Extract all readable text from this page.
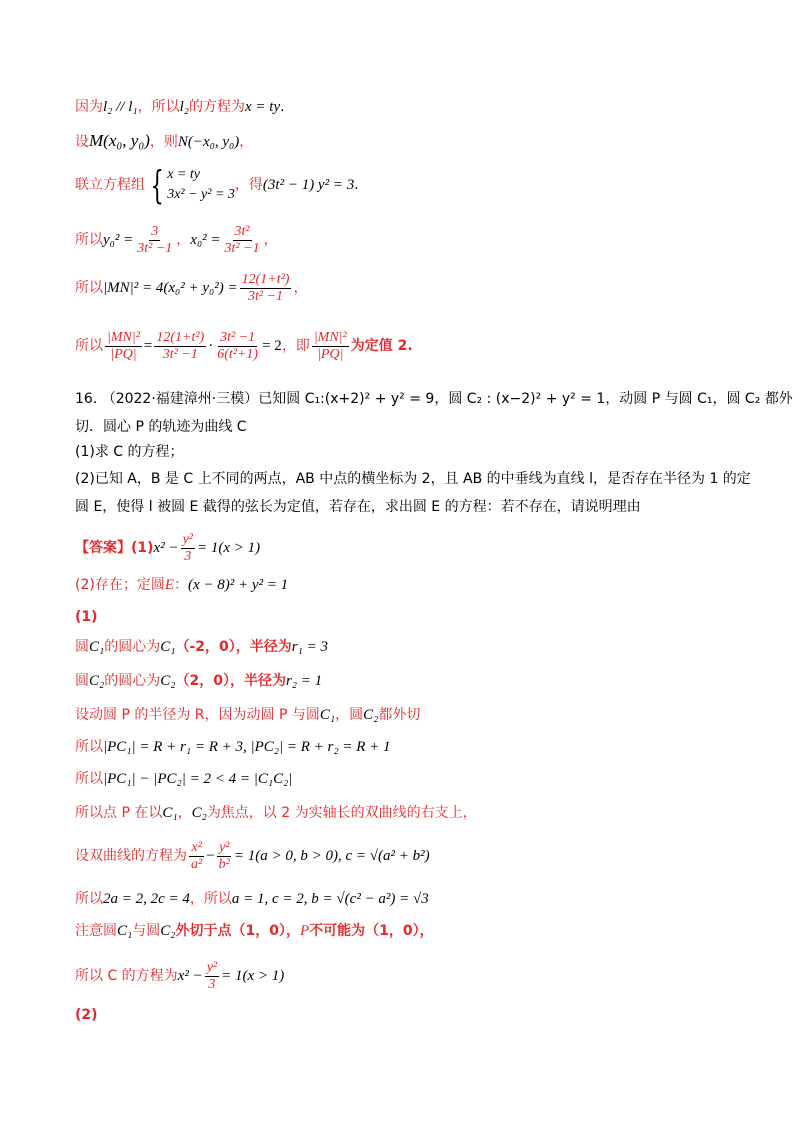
因为l₂ // l₁，所以l₂的方程为x = ty.
设M(x₀, y₀)，则N(−x₀, y₀)，
联立方程组 { x = ty
3x² − y² = 3
，得(3t² − 1) y² = 3.
所以$y_0^2 = \frac{3}{\text{3t² −1}}$ ，$x_0^2 = \frac{\text{3t²}}{\text{3t² −1}}$ ，
所以$|MN|^2 = 4(x_0^2 + y_0^2) = \frac{\text{12(1+t²)}}{\text{3t² −1}}$ ，
所以 $\frac{\text{|MN|²}}{|PQ|} = \frac{\text{12(1+t²)}}{\text{3t² −1}} \cdot \frac{\text{3t² −1}}{\text{6(t²+1)}} = 2$，即 $\frac{\text{|MN|²}}{|PQ|}$ 为定值 2.
16. （2022·福建漳州·三模）已知圆 C₁:(x+2)² + y² = 9，圆 C₂ : (x−2)² + y² = 1，动圆 P 与圆 C₁，圆 C₂ 都外
切．圆心 P 的轨迹为曲线 C
(1)求 C 的方程；
(2)已知 A，B 是 C 上不同的两点，AB 中点的横坐标为 2，且 AB 的中垂线为直线 l，是否存在半径为 1 的定
圆 E，使得 l 被圆 E 截得的弦长为定值，若存在，求出圆 E 的方程：若不存在，请说明理由
【答案】$(1)x^2 - \frac{\text{y²}}{3} = 1(x > 1)$
(2)存在；定圆E：(x − 8)² + y² = 1
(1)
圆C₁的圆心为C₁（-2，0），半径为r₁ = 3
圆C₂的圆心为C₂（2，0），半径为r₂ = 1
设动圆 P 的半径为 R，因为动圆 P 与圆C₁，圆C₂都外切
所以|PC₁| = R + r₁ = R + 3, |PC₂| = R + r₂ = R + 1
所以|PC₁| − |PC₂| = 2 < 4 = |C₁C₂|
所以点 P 在以C₁，C₂为焦点，以 2 为实轴长的双曲线的右支上，
设双曲线的方程为 $\frac{\text{x²}}{\text{a²}} - \frac{\text{y²}}{\text{b²}} = 1(a > 0$, b > 0), c = √(a² + b²)
所以2a = 2, 2c = 4，所以a = 1, c = 2, b = √(c² − a²) = √3
注意圆C₁与圆C₂外切于点（1，0），P不可能为（1，0），
所以 C 的方程为$x^2 - \frac{\text{y²}}{3} = 1(x > 1)$
(2)
